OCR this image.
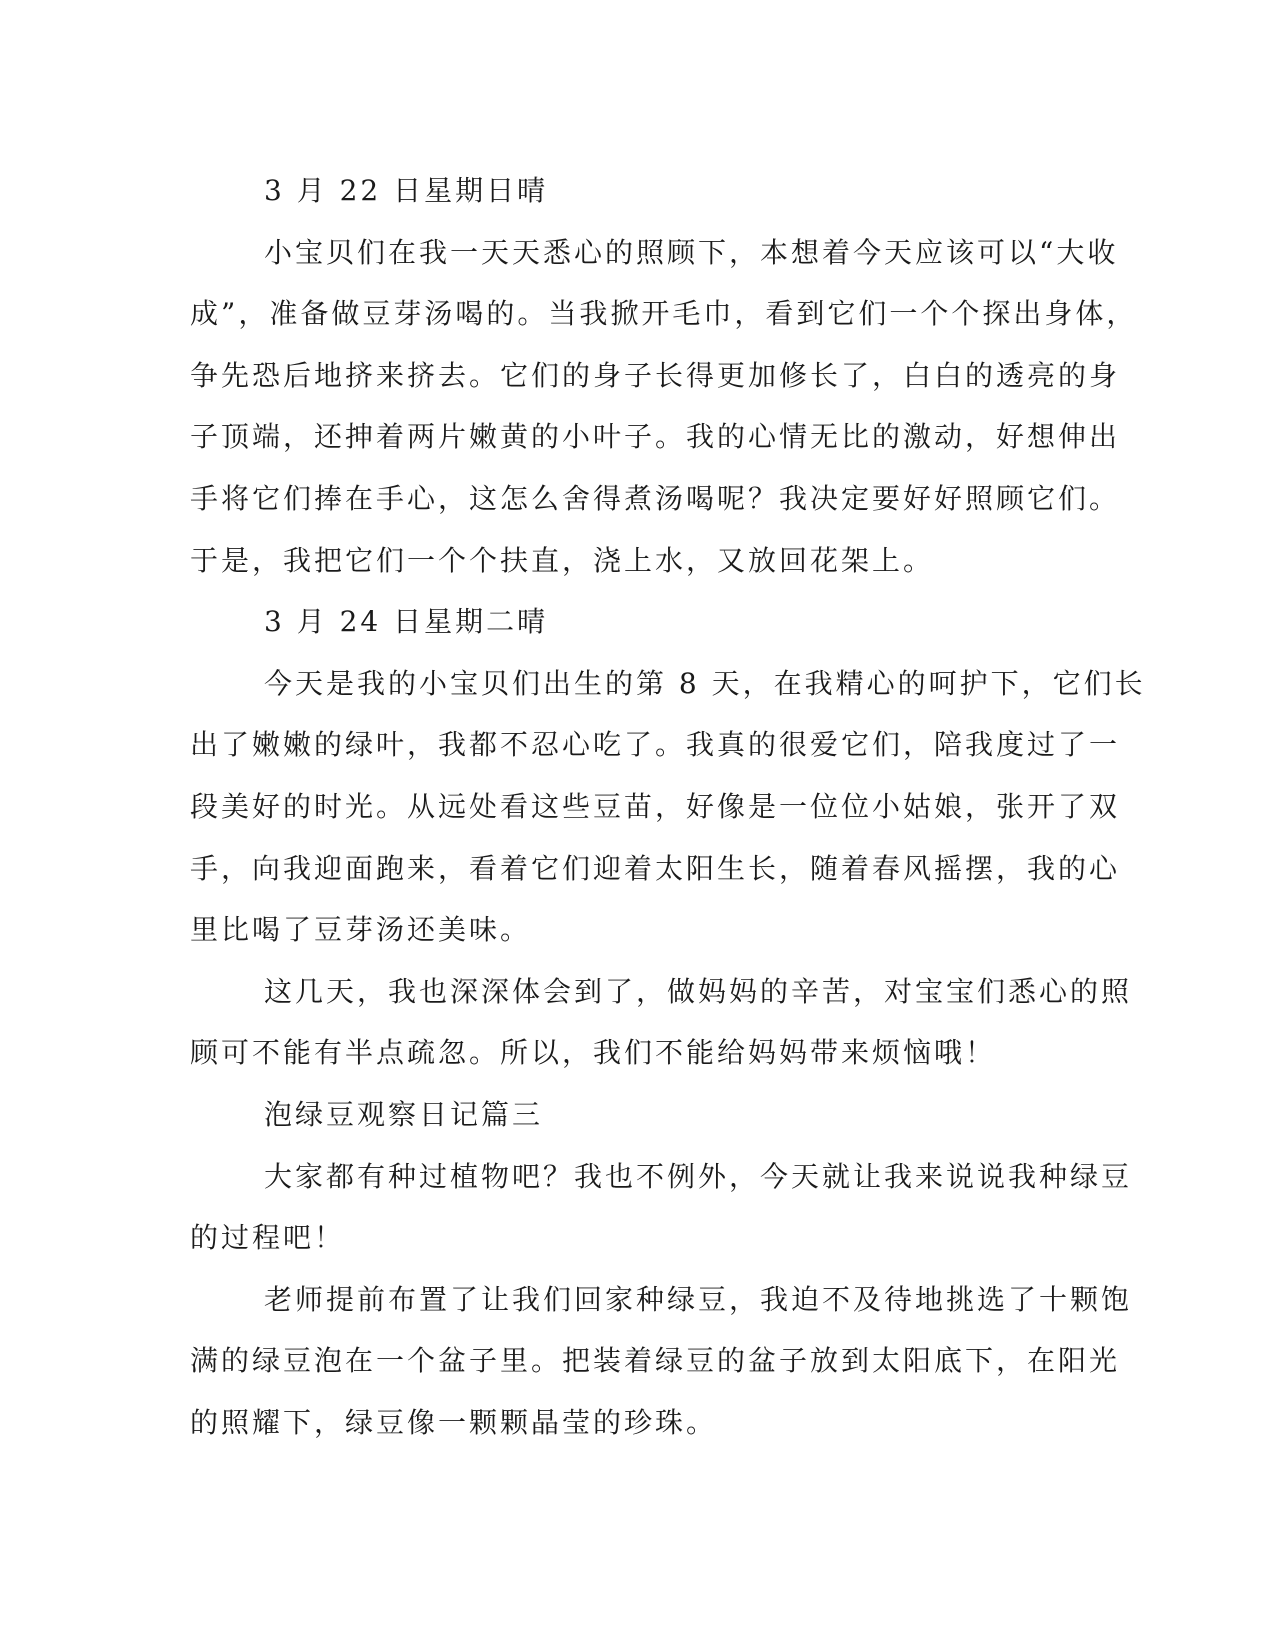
3 月 22 日星期日晴

小宝贝们在我一天天悉心的照顾下，本想着今天应该可以“大收

成”，准备做豆芽汤喝的。当我掀开毛巾，看到它们一个个探出身体，

争先恐后地挤来挤去。它们的身子长得更加修长了，白白的透亮的身

子顶端，还抻着两片嫩黄的小叶子。我的心情无比的激动，好想伸出

手将它们捧在手心，这怎么舍得煮汤喝呢？我决定要好好照顾它们。

于是，我把它们一个个扶直，浇上水，又放回花架上。

3 月 24 日星期二晴

今天是我的小宝贝们出生的第 8 天，在我精心的呵护下，它们长

出了嫩嫩的绿叶，我都不忍心吃了。我真的很爱它们，陪我度过了一

段美好的时光。从远处看这些豆苗，好像是一位位小姑娘，张开了双

手，向我迎面跑来，看着它们迎着太阳生长，随着春风摇摆，我的心

里比喝了豆芽汤还美味。

这几天，我也深深体会到了，做妈妈的辛苦，对宝宝们悉心的照

顾可不能有半点疏忽。所以，我们不能给妈妈带来烦恼哦！

泡绿豆观察日记篇三

大家都有种过植物吧？我也不例外，今天就让我来说说我种绿豆

的过程吧！

老师提前布置了让我们回家种绿豆，我迫不及待地挑选了十颗饱

满的绿豆泡在一个盆子里。把装着绿豆的盆子放到太阳底下，在阳光

的照耀下，绿豆像一颗颗晶莹的珍珠。
